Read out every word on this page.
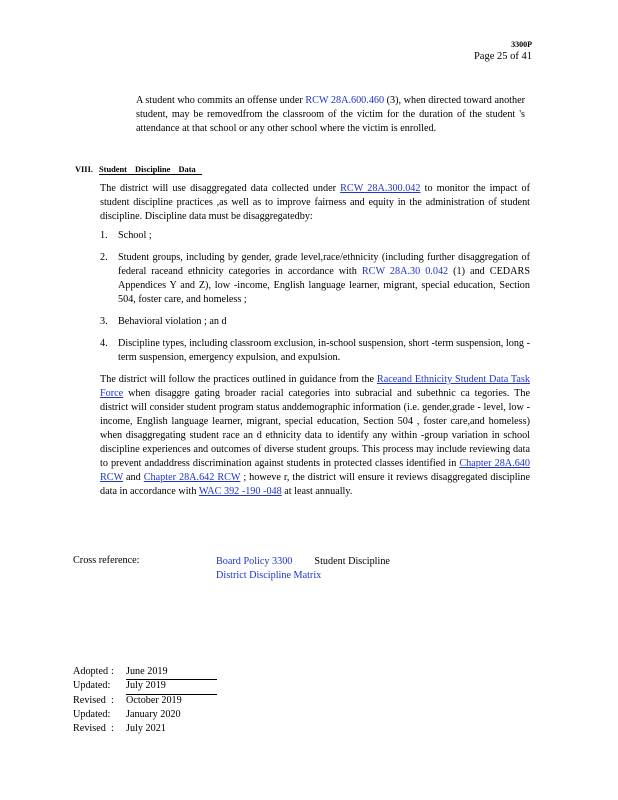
3300P
Page 25 of 41
A student who commits an offense under RCW 28A.600.460 (3), when directed toward another student, may be removedfrom the classroom of the victim for the duration of the student 's attendance at that school or any other school where the victim is enrolled.
VIII. Student Discipline Data
The district will use disaggregated data collected under RCW 28A.300.042 to monitor the impact of student discipline practices ,as well as to improve fairness and equity in the administration of student discipline. Discipline data must be disaggregatedby:
1. School ;
2. Student groups, including by gender, grade level,race/ethnicity (including further disaggregation of federal raceand ethnicity categories in accordance with RCW 28A.30 0.042 (1) and CEDARS Appendices Y and Z), low -income, English language learner, migrant, special education, Section 504, foster care, and homeless ;
3. Behavioral violation ; an d
4. Discipline types, including classroom exclusion, in-school suspension, short -term suspension, long -term suspension, emergency expulsion, and expulsion.
The district will follow the practices outlined in guidance from the Raceand Ethnicity Student Data Task Force when disaggre gating broader racial categories into subracial and subethnic ca tegories. The district will consider student program status anddemographic information (i.e. gender,grade - level, low -income, English language learner, migrant, special education, Section 504 , foster care,and homeless) when disaggregating student race an d ethnicity data to identify any within -group variation in school discipline experiences and outcomes of diverse student groups. This process may include reviewing data to prevent andaddress discrimination against students in protected classes identified in Chapter 28A.640 RCW and Chapter 28A.642 RCW ; howeve r, the district will ensure it reviews disaggregated discipline data in accordance with WAC 392 -190 -048 at least annually.
Cross reference:	Board Policy 3300 Student Discipline
District Discipline Matrix
Adopted : June 2019
Updated: July 2019
Revised : October 2019
Updated: January 2020
Revised : July 2021
